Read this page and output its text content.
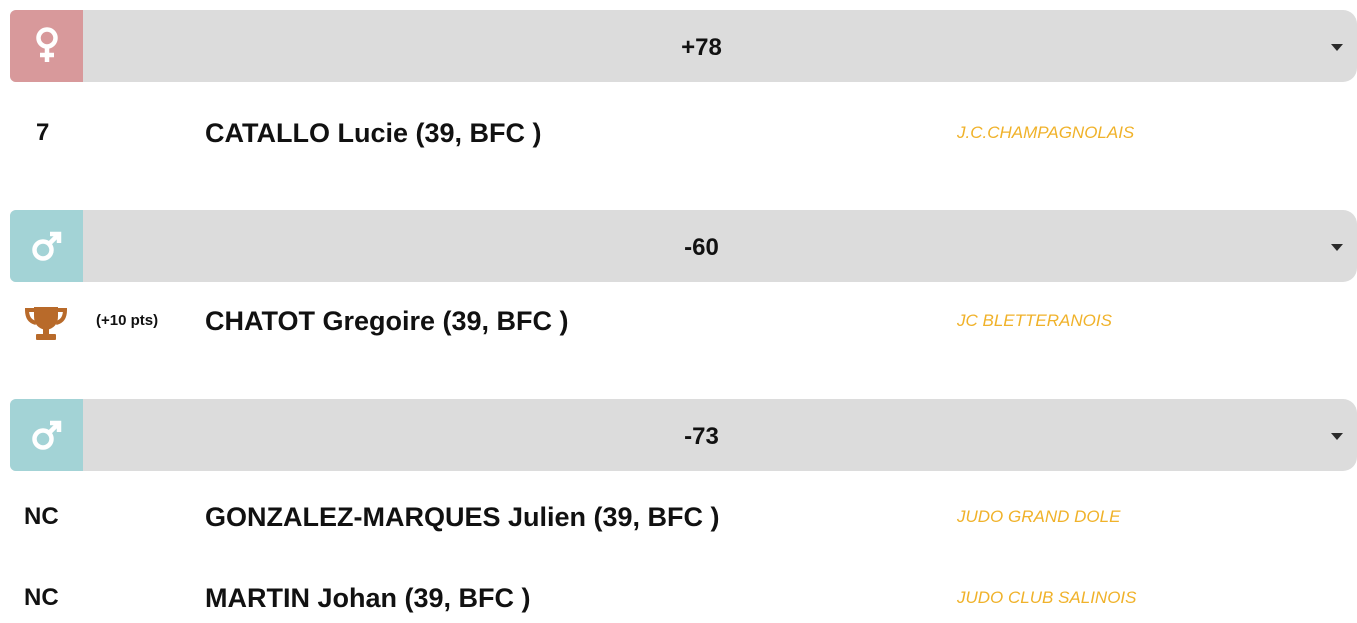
+78
7	CATALLO Lucie (39, BFC )	J.C.CHAMPAGNOLAIS
-60
(+10 pts) CHATOT Gregoire (39, BFC )	JC BLETTERANOIS
-73
NC	GONZALEZ-MARQUES Julien (39, BFC )	JUDO GRAND DOLE
NC	MARTIN Johan (39, BFC )	JUDO CLUB SALINOIS
